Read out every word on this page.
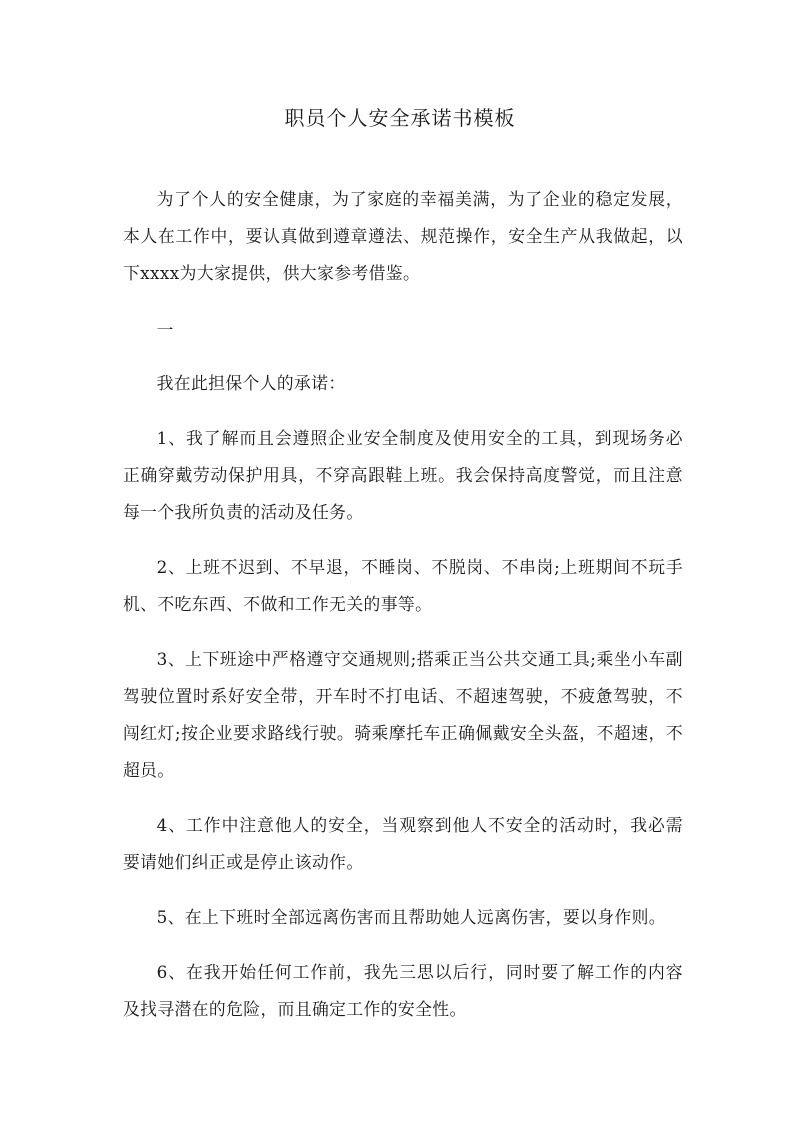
职员个人安全承诺书模板

为了个人的安全健康，为了家庭的幸福美满，为了企业的稳定发展，本人在工作中，要认真做到遵章遵法、规范操作，安全生产从我做起，以下xxxx为大家提供，供大家参考借鉴。

一

我在此担保个人的承诺：

1、我了解而且会遵照企业安全制度及使用安全的工具，到现场务必正确穿戴劳动保护用具，不穿高跟鞋上班。我会保持高度警觉，而且注意每一个我所负责的活动及任务。

2、上班不迟到、不早退，不睡岗、不脱岗、不串岗;上班期间不玩手机、不吃东西、不做和工作无关的事等。

3、上下班途中严格遵守交通规则;搭乘正当公共交通工具;乘坐小车副驾驶位置时系好安全带，开车时不打电话、不超速驾驶，不疲惫驾驶，不闯红灯;按企业要求路线行驶。骑乘摩托车正确佩戴安全头盔，不超速，不超员。

4、工作中注意他人的安全，当观察到他人不安全的活动时，我必需要请她们纠正或是停止该动作。

5、在上下班时全部远离伤害而且帮助她人远离伤害，要以身作则。

6、在我开始任何工作前，我先三思以后行，同时要了解工作的内容及找寻潜在的危险，而且确定工作的安全性。
